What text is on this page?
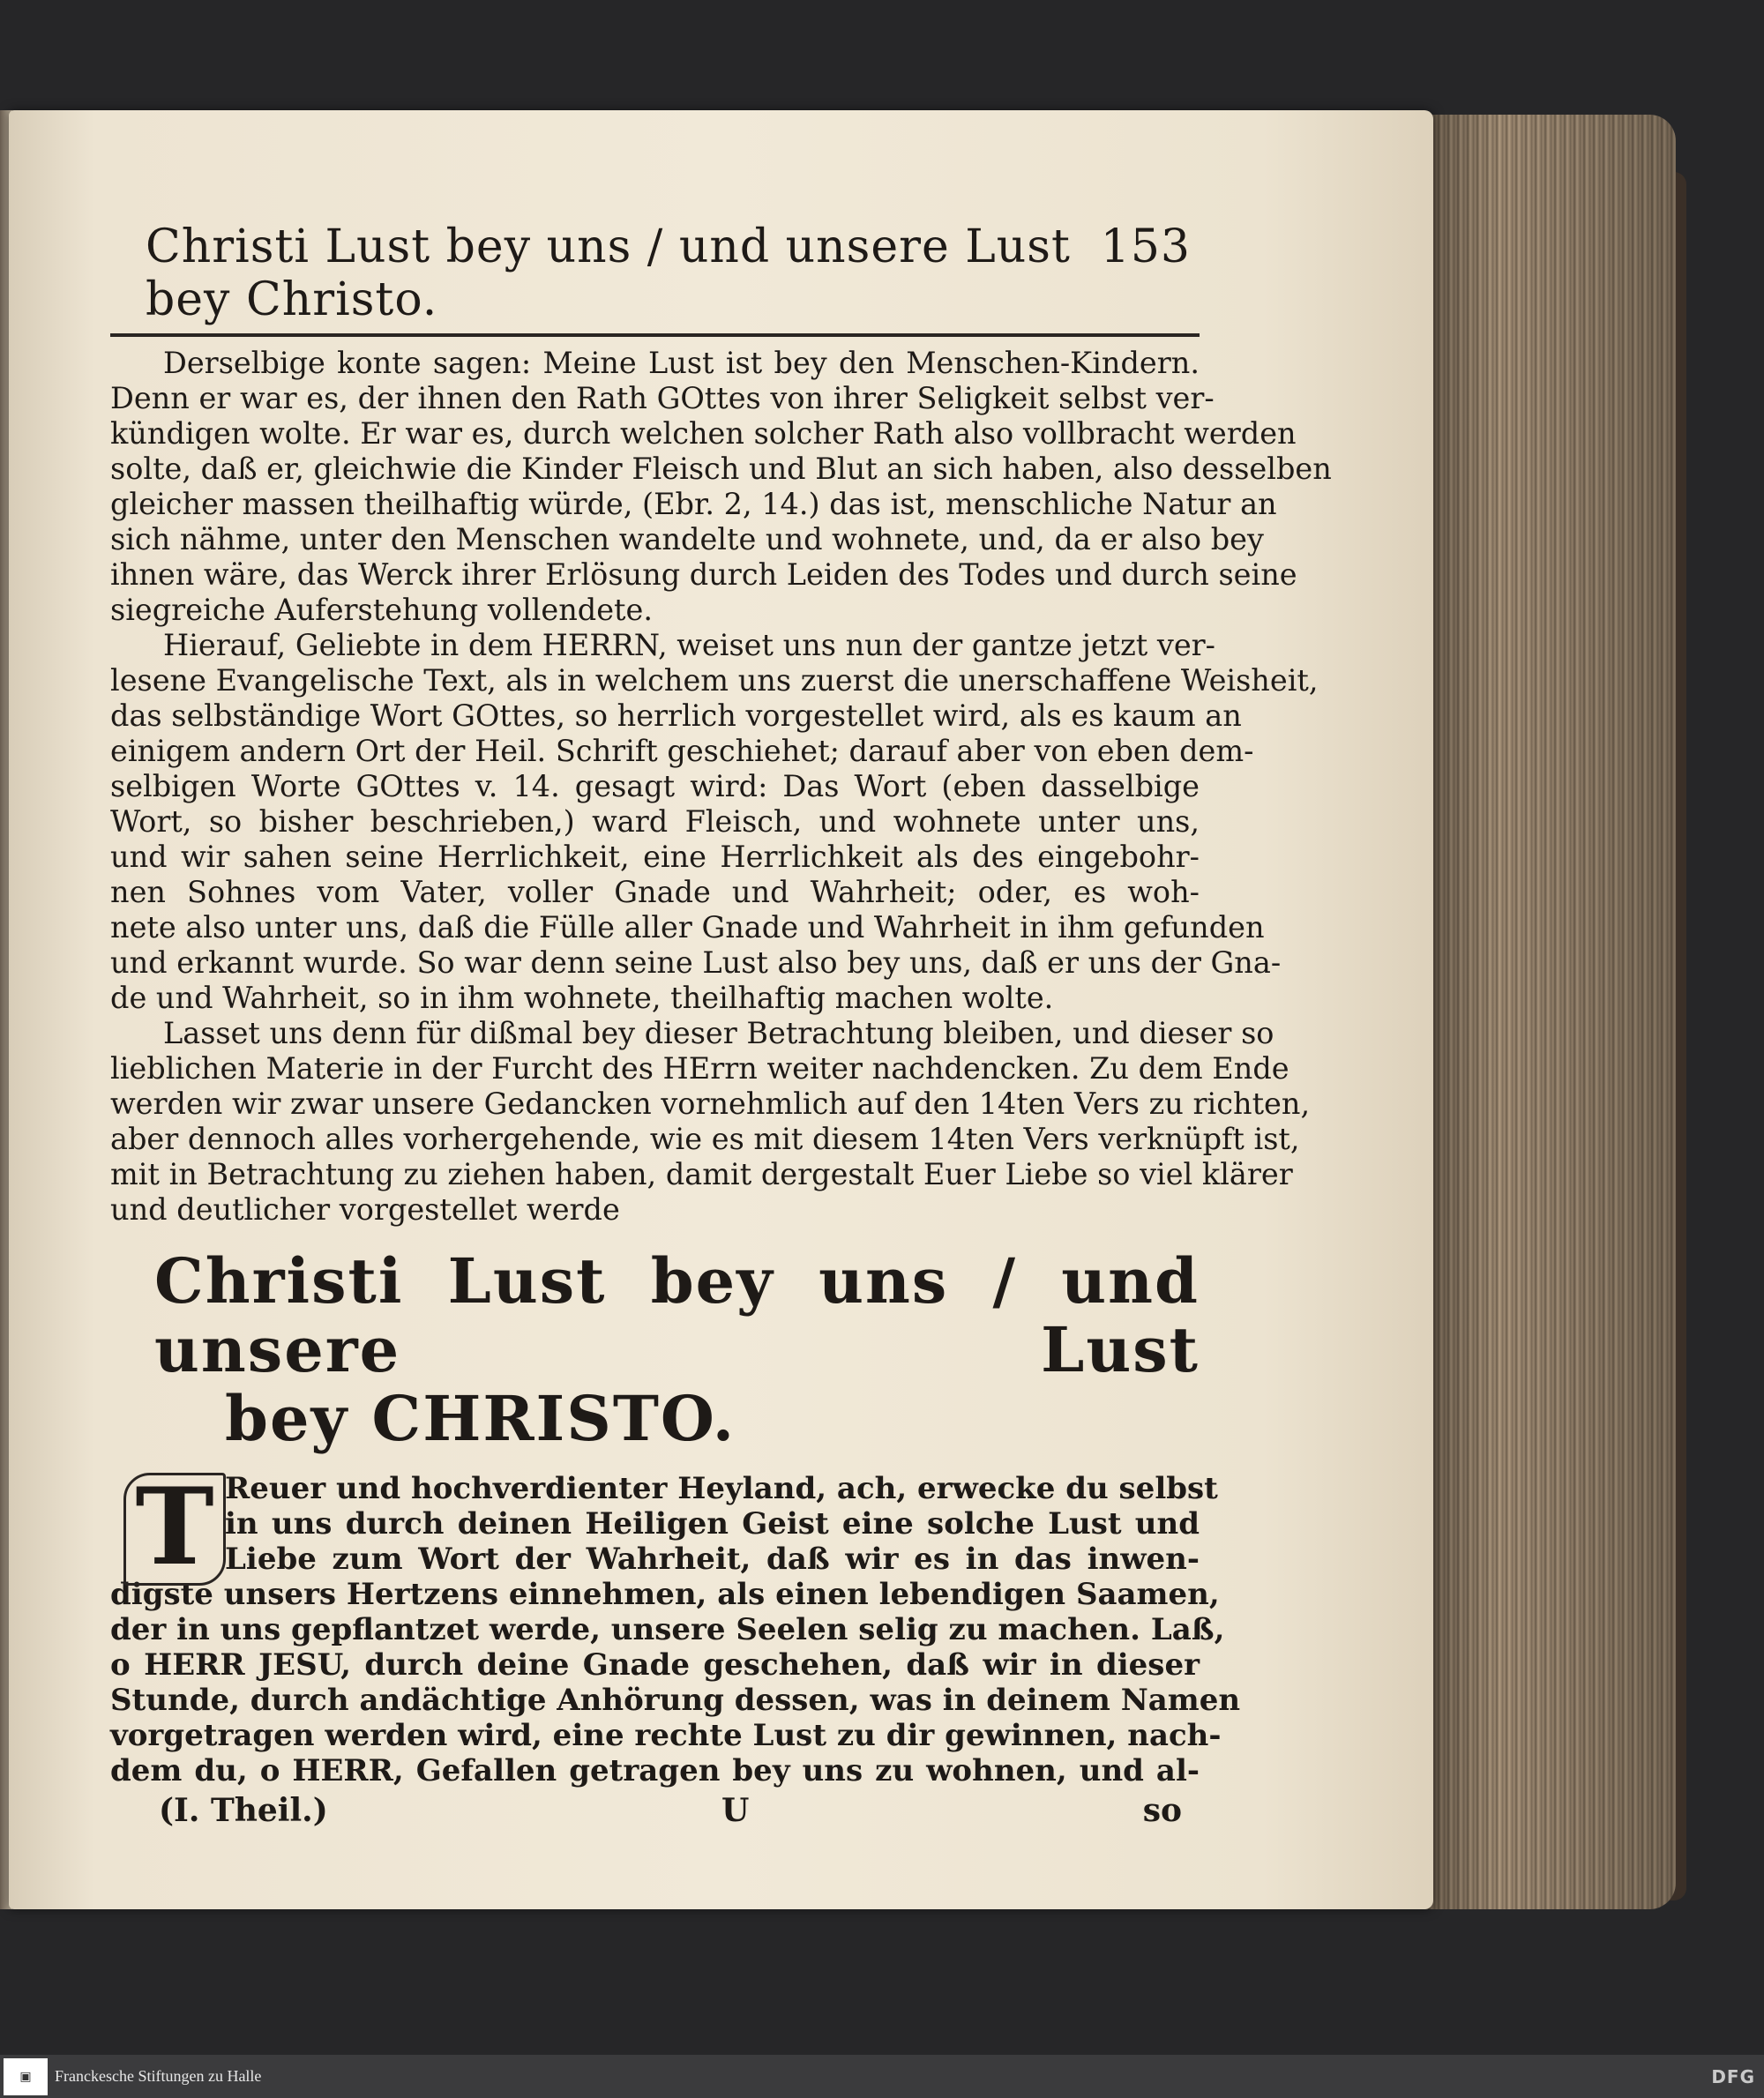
Christi Lust bey uns / und unsere Lust bey Christo.
153

Derselbige konte sagen: Meine Lust ist bey den Menschen-Kindern.
Denn er war es, der ihnen den Rath GOttes von ihrer Seligkeit selbst ver-
kündigen wolte. Er war es, durch welchen solcher Rath also vollbracht werden
solte, daß er, gleichwie die Kinder Fleisch und Blut an sich haben, also desselben
gleicher massen theilhaftig würde, (Ebr. 2, 14.) das ist, menschliche Natur an
sich nähme, unter den Menschen wandelte und wohnete, und, da er also bey
ihnen wäre, das Werck ihrer Erlösung durch Leiden des Todes und durch seine
siegreiche Auferstehung vollendete.

Hierauf, Geliebte in dem HERRN, weiset uns nun der gantze jetzt ver-
lesene Evangelische Text, als in welchem uns zuerst die unerschaffene Weisheit,
das selbständige Wort GOttes, so herrlich vorgestellet wird, als es kaum an
einigem andern Ort der Heil. Schrift geschiehet; darauf aber von eben dem-
selbigen Worte GOttes v. 14. gesagt wird: Das Wort (eben dasselbige
Wort, so bisher beschrieben,) ward Fleisch, und wohnete unter uns,
und wir sahen seine Herrlichkeit, eine Herrlichkeit als des eingebohr-
nen Sohnes vom Vater, voller Gnade und Wahrheit; oder, es woh-
nete also unter uns, daß die Fülle aller Gnade und Wahrheit in ihm gefunden
und erkannt wurde. So war denn seine Lust also bey uns, daß er uns der Gna-
de und Wahrheit, so in ihm wohnete, theilhaftig machen wolte.

Lasset uns denn für dißmal bey dieser Betrachtung bleiben, und dieser so
lieblichen Materie in der Furcht des HErrn weiter nachdencken. Zu dem Ende
werden wir zwar unsere Gedancken vornehmlich auf den 14ten Vers zu richten,
aber dennoch alles vorhergehende, wie es mit diesem 14ten Vers verknüpft ist,
mit in Betrachtung zu ziehen haben, damit dergestalt Euer Liebe so viel klärer
und deutlicher vorgestellet werde

Christi Lust bey uns / und unsere Lust
bey CHRISTO.
T Reuer und hochverdienter Heyland, ach, erwecke du selbst
in uns durch deinen Heiligen Geist eine solche Lust und
Liebe zum Wort der Wahrheit, daß wir es in das inwen-
digste unsers Hertzens einnehmen, als einen lebendigen Saamen,
der in uns gepflantzet werde, unsere Seelen selig zu machen. Laß,
o HERR JESU, durch deine Gnade geschehen, daß wir in dieser
Stunde, durch andächtige Anhörung dessen, was in deinem Namen
vorgetragen werden wird, eine rechte Lust zu dir gewinnen, nach-
dem du, o HERR, Gefallen getragen bey uns zu wohnen, und al-
(I. Theil.)	U	so
▣	Franckesche Stiftungen zu Halle	DFG
